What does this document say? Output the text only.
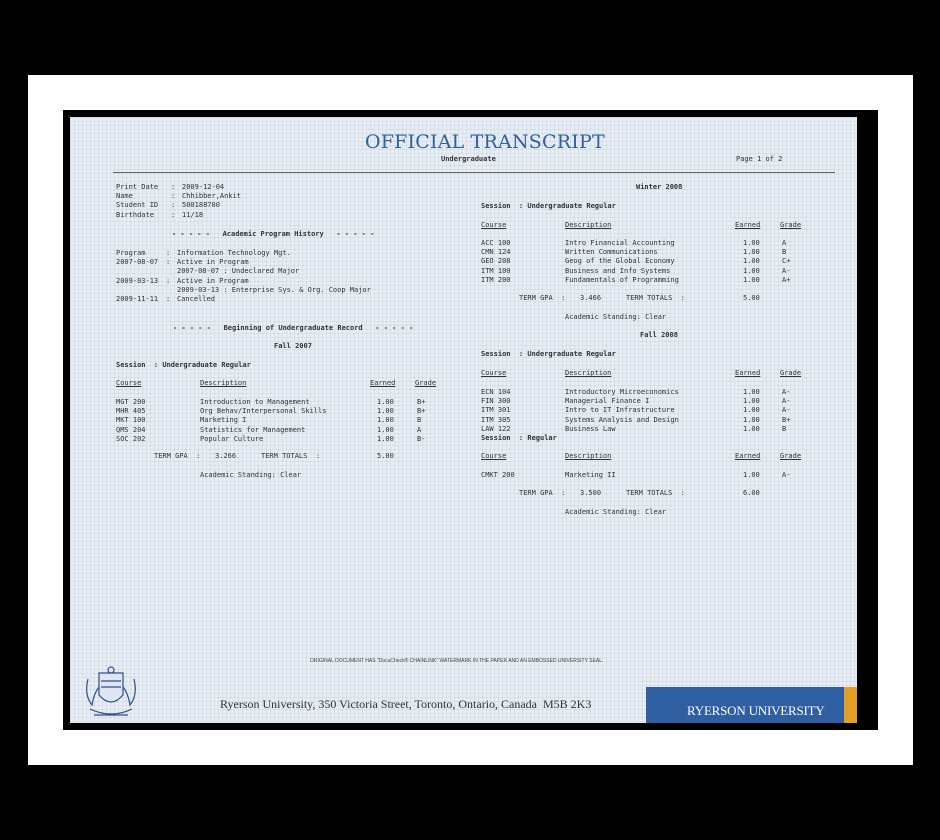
OFFICIAL TRANSCRIPT
Undergraduate	Page 1 of 2
Print Date : 2009-12-04
Name	: Chhibber,Ankit
Student ID : 500188700
Birthdate : 11/18
- - - - -   Academic Program History   - - - - -
Program	: Information Technology Mgt.
2007-08-07 : Active in Program
2007-08-07 : Undeclared Major
2009-03-13 : Active in Program
2009-03-13 : Enterprise Sys. & Org. Coop Major
2009-11-11 : Cancelled
- - - - -   Beginning of Undergraduate Record   - - - - -
Fall 2007
Session  : Undergraduate Regular
Course	Description	Earned	Grade
MGT 200	Introduction to Management	1.00	B+
MHR 405	Org Behav/Interpersonal Skills	1.00	B+
MKT 100	Marketing I	1.00	B
QMS 204	Statistics for Management	1.00	A
SOC 202	Popular Culture	1.00	B-
TERM GPA  : 3.266	TERM TOTALS  :	5.00
Academic Standing: Clear
Winter 2008
Session  : Undergraduate Regular
Course	Description	Earned	Grade
ACC 100	Intro Financial Accounting	1.00	A
CMN 124	Written Communications	1.00	B
GEO 208	Geog of the Global Economy	1.00	C+
ITM 100	Business and Info Systems	1.00	A-
ITM 200	Fundamentals of Programming	1.00	A+
TERM GPA  : 3.466	TERM TOTALS  :	5.00
Academic Standing: Clear
Fall 2008
Session  : Undergraduate Regular
Course	Description	Earned	Grade
ECN 104	Introductory Microeconomics	1.00	A-
FIN 300	Managerial Finance I	1.00	A-
ITM 301	Intro to IT Infrastructure	1.00	A-
ITM 305	Systems Analysis and Design	1.00	B+
LAW 122	Business Law	1.00	B
Session  : Regular
Course	Description	Earned	Grade
CMKT 200	Marketing II	1.00	A-
TERM GPA  : 3.500	TERM TOTALS  :	6.00
Academic Standing: Clear
ORIGINAL DOCUMENT HAS "DocuCheck® CHAINLINK" WATERMARK IN THE PAPER AND AN EMBOSSED UNIVERSITY SEAL.
Ryerson University, 350 Victoria Street, Toronto, Ontario, Canada  M5B 2K3	RYERSON UNIVERSITY
